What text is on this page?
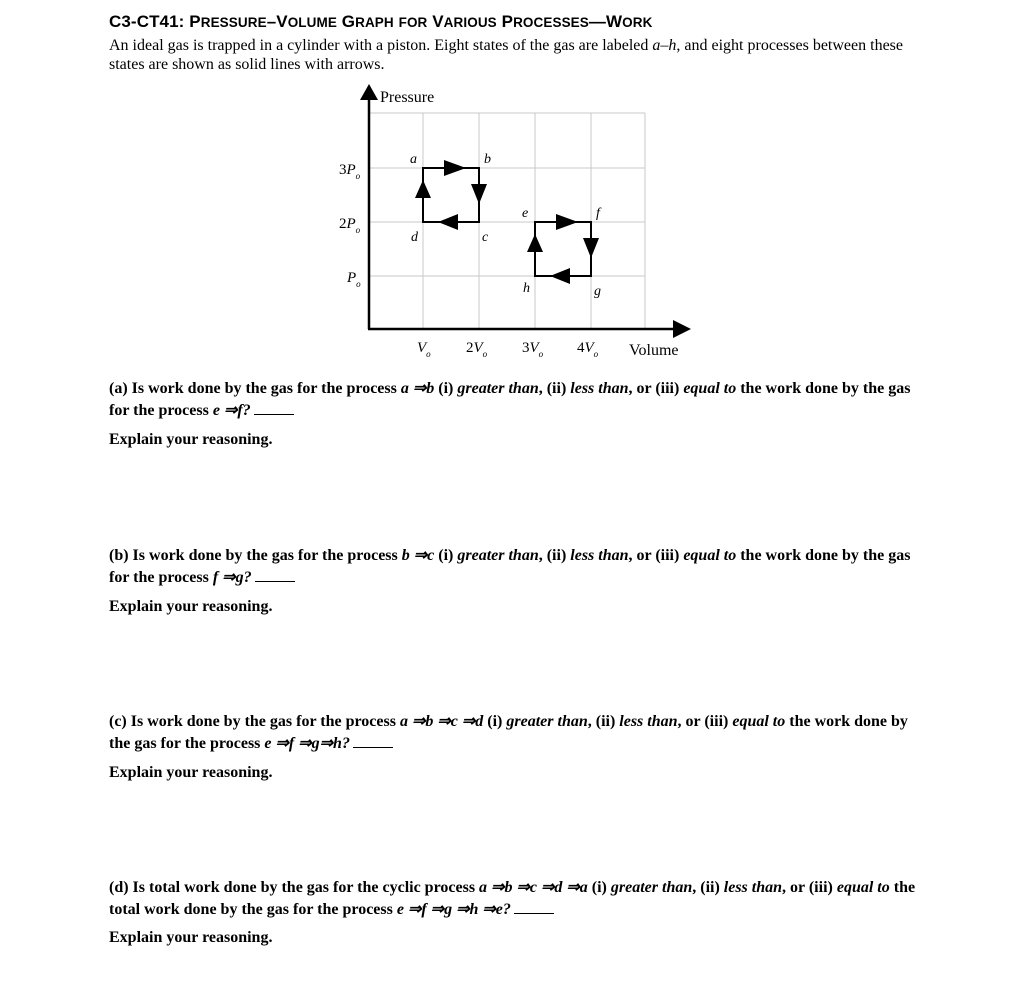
C3-CT41: PRESSURE–VOLUME GRAPH FOR VARIOUS PROCESSES—WORK
An ideal gas is trapped in a cylinder with a piston. Eight states of the gas are labeled a–h, and eight processes between these states are shown as solid lines with arrows.
Pressure
Volume
$3P_o$
$2P_o$
$P_o$
$V_o$ $2V_o$ $3V_o$ $4V_o$
a	b
c
d
e	f
g
h
(a) Is work done by the gas for the process a ⇒b (i) greater than, (ii) less than, or (iii) equal to the work done by the gas for the process e ⇒f?
Explain your reasoning.
(b) Is work done by the gas for the process b ⇒c (i) greater than, (ii) less than, or (iii) equal to the work done by the gas for the process f ⇒g?
Explain your reasoning.
(c) Is work done by the gas for the process a ⇒b ⇒c ⇒d (i) greater than, (ii) less than, or (iii) equal to the work done by the gas for the process e ⇒f ⇒g⇒h?
Explain your reasoning.
(d) Is total work done by the gas for the cyclic process a ⇒b ⇒c ⇒d ⇒a (i) greater than, (ii) less than, or (iii) equal to the total work done by the gas for the process e ⇒f ⇒g ⇒h ⇒e?
Explain your reasoning.
